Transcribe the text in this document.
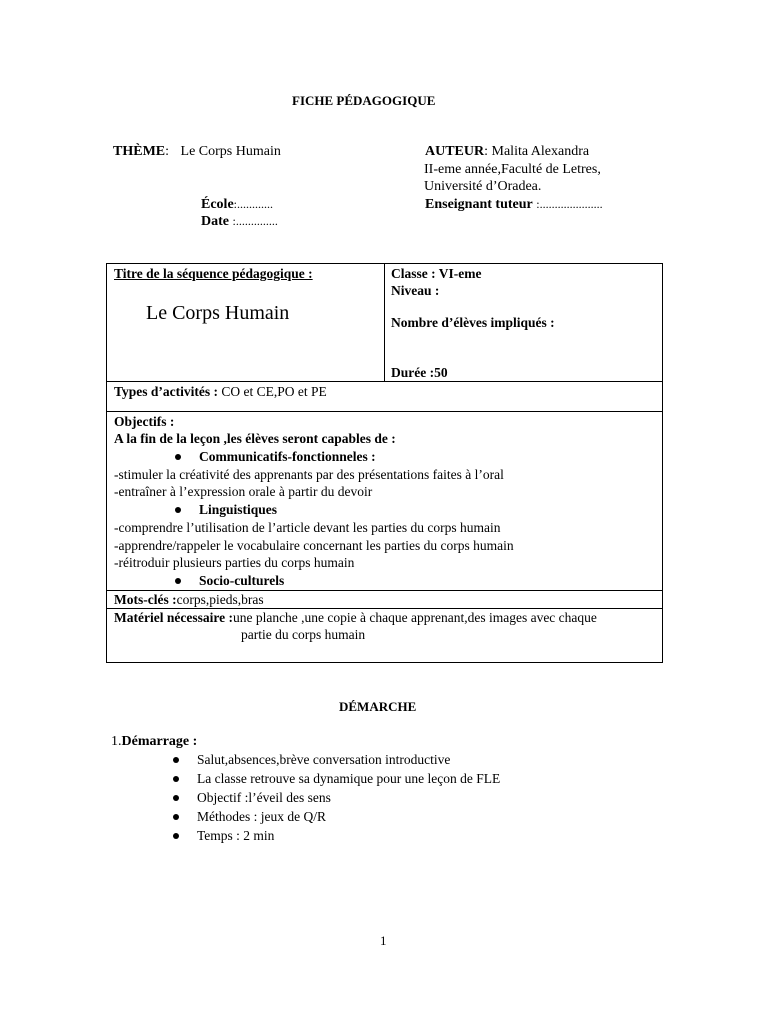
FICHE PÉDAGOGIQUE
THÈME: Le Corps Humain
École:............
Date :..............
AUTEUR: Malita Alexandra
II-eme année,Faculté de Letres,
Université d’Oradea.
Enseignant tuteur :.....................
Titre de la séquence pédagogique :
Le Corps Humain
Classe : VI-eme
Niveau :
Nombre d’élèves impliqués :
Durée :50
Types d’activités : CO et CE,PO et PE
Objectifs :
A la fin de la leçon ,les élèves seront capables de :
Communicatifs-fonctionneles :
-stimuler la créativité des apprenants par des présentations faites à l’oral
-entraîner à l’expression orale à partir du devoir
Linguistiques
-comprendre l’utilisation de l’article devant les parties du corps humain
-apprendre/rappeler le vocabulaire concernant les parties du corps humain
-réitroduir plusieurs parties du corps humain
Socio-culturels
Mots-clés :corps,pieds,bras
Matériel nécessaire :une planche ,une copie à chaque apprenant,des images avec chaque
partie du corps humain
DÉMARCHE
1.Démarrage :
Salut,absences,brève conversation introductive
La classe retrouve sa dynamique pour une leçon de FLE
Objectif :l’éveil des sens
Méthodes : jeux de Q/R
Temps : 2 min
1
